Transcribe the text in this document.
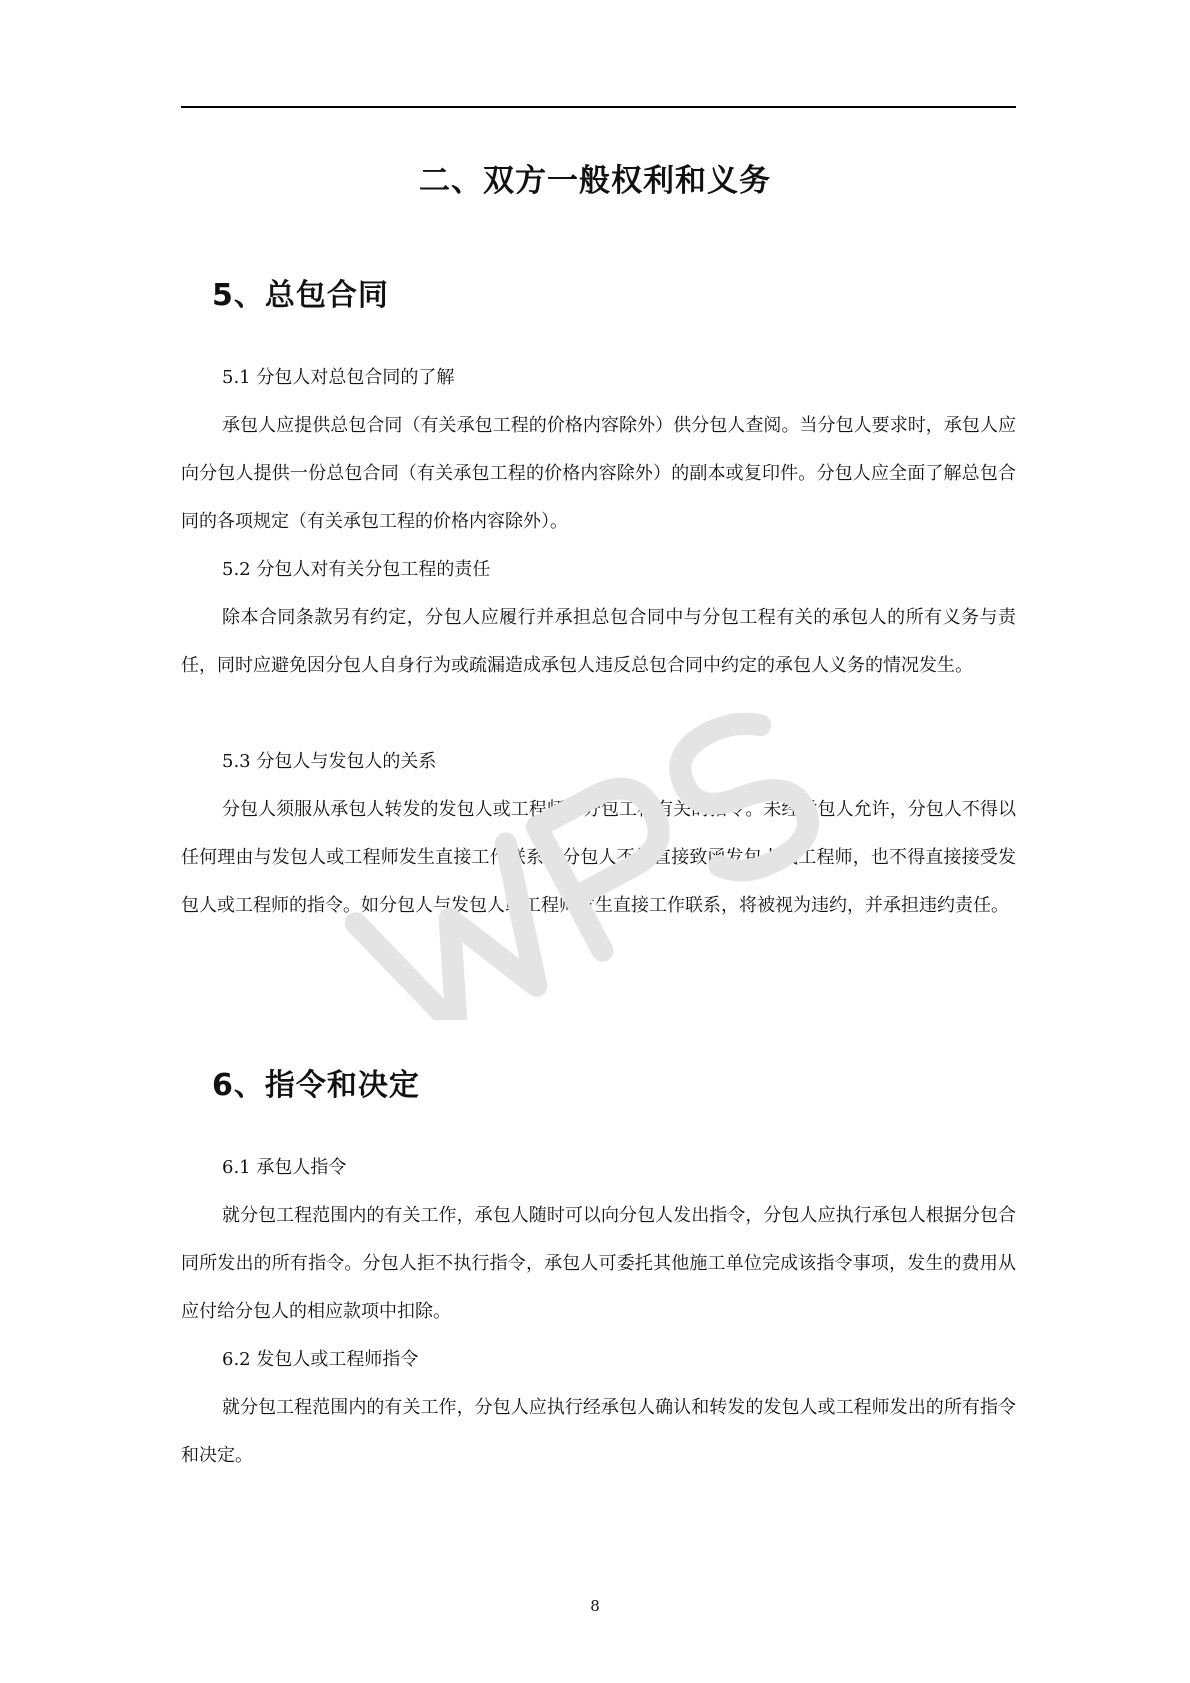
二、双方一般权利和义务
5、总包合同
5.1 分包人对总包合同的了解

承包人应提供总包合同（有关承包工程的价格内容除外）供分包人查阅。当分包人要求时，承包人应向分包人提供一份总包合同（有关承包工程的价格内容除外）的副本或复印件。分包人应全面了解总包合同的各项规定（有关承包工程的价格内容除外）。

5.2 分包人对有关分包工程的责任

除本合同条款另有约定，分包人应履行并承担总包合同中与分包工程有关的承包人的所有义务与责任，同时应避免因分包人自身行为或疏漏造成承包人违反总包合同中约定的承包人义务的情况发生。

5.3 分包人与发包人的关系

分包人须服从承包人转发的发包人或工程师与分包工程有关的指令。未经承包人允许，分包人不得以任何理由与发包人或工程师发生直接工作联系，分包人不得直接致函发包人或工程师，也不得直接接受发包人或工程师的指令。如分包人与发包人或工程师发生直接工作联系，将被视为违约，并承担违约责任。

6、指令和决定
6.1 承包人指令

就分包工程范围内的有关工作，承包人随时可以向分包人发出指令，分包人应执行承包人根据分包合同所发出的所有指令。分包人拒不执行指令，承包人可委托其他施工单位完成该指令事项，发生的费用从应付给分包人的相应款项中扣除。

6.2 发包人或工程师指令

就分包工程范围内的有关工作，分包人应执行经承包人确认和转发的发包人或工程师发出的所有指令和决定。

8
